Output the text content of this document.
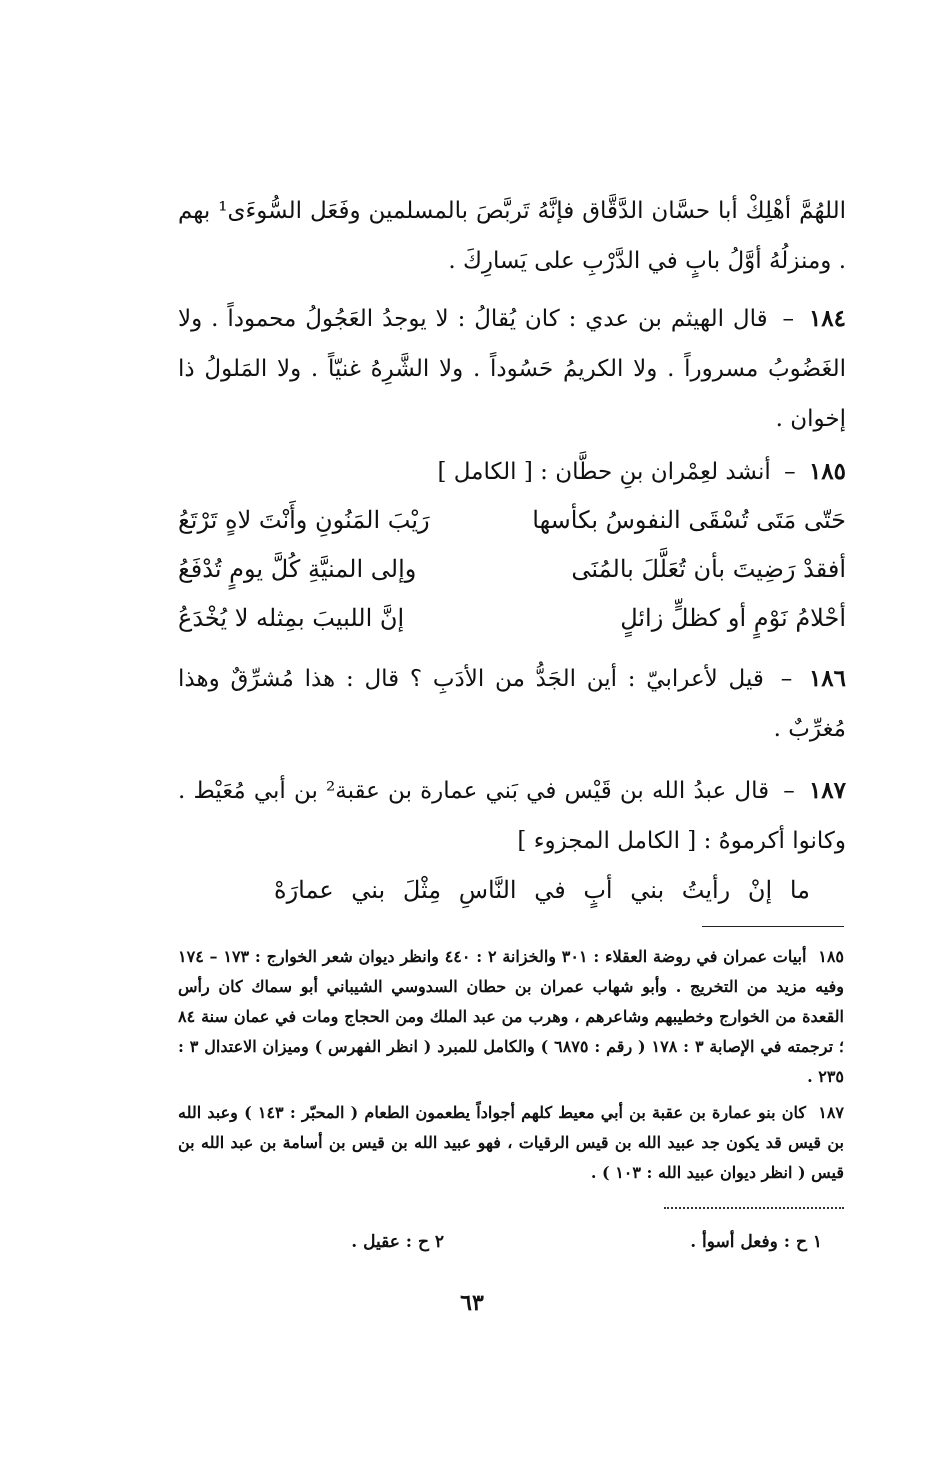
اللهُمَّ أهْلِكْ أبا حسَّان الدَّقَّاق فإنَّهُ تَربَّصَ بالمسلمين وفَعَل السُّوءَى¹ بهم . ومنزلُهُ أوَّلُ بابٍ في الدَّرْبِ على يَسارِكَ .

١٨٤ – قال الهيثم بن عدي : كان يُقالُ : لا يوجدُ العَجُولُ محموداً . ولا الغَضُوبُ مسروراً . ولا الكريمُ حَسُوداً . ولا الشَّرِهُ غنيّاً . ولا المَلولُ ذا إخوان .

١٨٥ – أنشد لعِمْران بنِ حطَّان : [ الكامل ]

حَتّى مَتَى تُسْقَى النفوسُ بكأسها
رَيْبَ المَنُونِ وأَنْتَ لاهٍ تَرْتَعُ
أفقدْ رَضِيتَ بأن تُعَلَّلَ بالمُنَى
وإلى المنيَّةِ كُلَّ يومٍ تُدْفَعُ
أحْلامُ نَوْمٍ أو كظلٍّ زائلٍ
إنَّ اللبيبَ بمِثله لا يُخْدَعُ

١٨٦ – قيل لأعرابيّ : أين الجَدُّ من الأدَبِ ؟ قال : هذا مُشرِّقٌ وهذا مُغرِّبٌ .

١٨٧ – قال عبدُ الله بن قَيْس في بَني عمارة بن عقبة² بن أبي مُعَيْط . وكانوا أكرموهُ : [ الكامل المجزوء ]

ما إنْ رأيتُ بني أبٍ في النَّاسِ مِثْلَ بني عمارَهْ
١٨٥ أبيات عمران في روضة العقلاء : ٣٠١ والخزانة ٢ : ٤٤٠ وانظر ديوان شعر الخوارج : ١٧٣ – ١٧٤ وفيه مزيد من التخريج . وأبو شهاب عمران بن حطان السدوسي الشيباني أبو سماك كان رأس القعدة من الخوارج وخطيبهم وشاعرهم ، وهرب من عبد الملك ومن الحجاج ومات في عمان سنة ٨٤ ؛ ترجمته في الإصابة ٣ : ١٧٨ ( رقم : ٦٨٧٥ ) والكامل للمبرد ( انظر الفهرس ) وميزان الاعتدال ٣ : ٢٣٥ .
١٨٧ كان بنو عمارة بن عقبة بن أبي معيط كلهم أجواداً يطعمون الطعام ( المحبّر : ١٤٣ ) وعبد الله بن قيس قد يكون جد عبيد الله بن قيس الرقيات ، فهو عبيد الله بن قيس بن أسامة بن عبد الله بن قيس ( انظر ديوان عبيد الله : ١٠٣ ) .
١ ح : وفعل أسوأ .
٢ ح : عقيل .
٦٣
